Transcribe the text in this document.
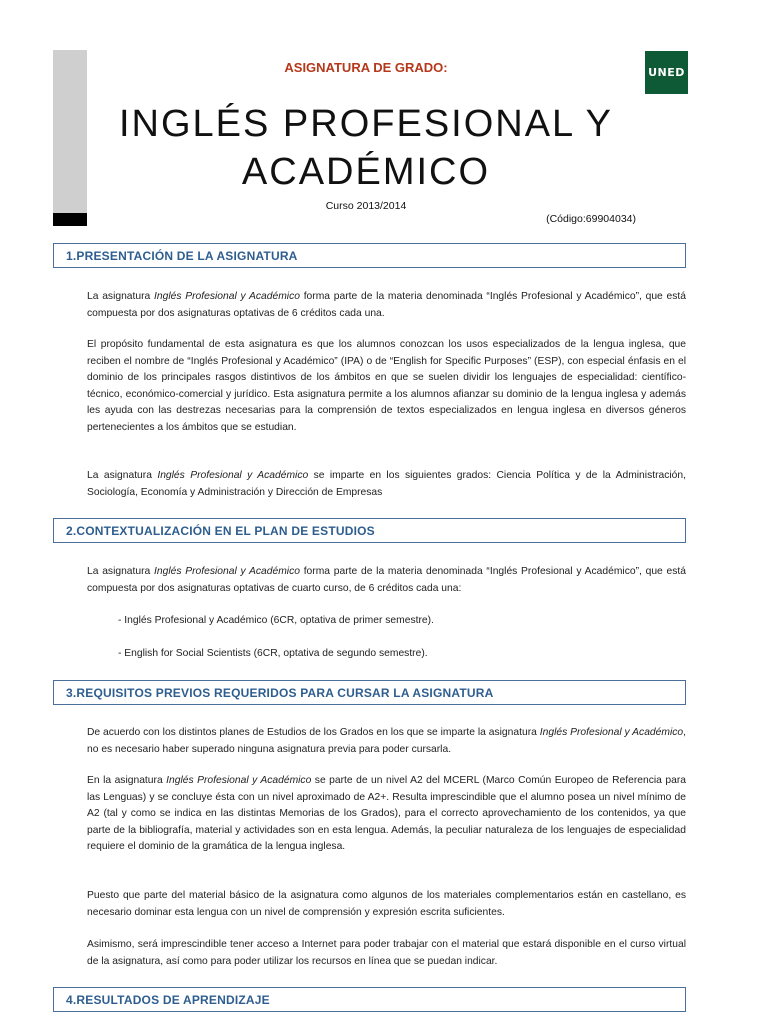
UNED
ASIGNATURA DE GRADO:
INGLÉS PROFESIONAL Y
ACADÉMICO
Curso 2013/2014
(Código:69904034)
1.PRESENTACIÓN DE LA ASIGNATURA
La asignatura Inglés Profesional y Académico forma parte de la materia denominada “Inglés Profesional y Académico”, que está compuesta por dos asignaturas optativas de 6 créditos cada una.
El propósito fundamental de esta asignatura es que los alumnos conozcan los usos especializados de la lengua inglesa, que reciben el nombre de “Inglés Profesional y Académico” (IPA) o de “English for Specific Purposes” (ESP), con especial énfasis en el dominio de los principales rasgos distintivos de los ámbitos en que se suelen dividir los lenguajes de especialidad: científico-técnico, económico-comercial y jurídico. Esta asignatura permite a los alumnos afianzar su dominio de la lengua inglesa y además les ayuda con las destrezas necesarias para la comprensión de textos especializados en lengua inglesa en diversos géneros pertenecientes a los ámbitos que se estudian.
La asignatura Inglés Profesional y Académico se imparte en los siguientes grados: Ciencia Política y de la Administración, Sociología, Economía y Administración y Dirección de Empresas
2.CONTEXTUALIZACIÓN EN EL PLAN DE ESTUDIOS
La asignatura Inglés Profesional y Académico forma parte de la materia denominada “Inglés Profesional y Académico”, que está compuesta por dos asignaturas optativas de cuarto curso, de 6 créditos cada una:
- Inglés Profesional y Académico (6CR, optativa de primer semestre).
- English for Social Scientists (6CR, optativa de segundo semestre).
3.REQUISITOS PREVIOS REQUERIDOS PARA CURSAR LA ASIGNATURA
De acuerdo con los distintos planes de Estudios de los Grados en los que se imparte la asignatura Inglés Profesional y Académico, no es necesario haber superado ninguna asignatura previa para poder cursarla.
En la asignatura Inglés Profesional y Académico se parte de un nivel A2 del MCERL (Marco Común Europeo de Referencia para las Lenguas) y se concluye ésta con un nivel aproximado de A2+. Resulta imprescindible que el alumno posea un nivel mínimo de A2 (tal y como se indica en las distintas Memorias de los Grados), para el correcto aprovechamiento de los contenidos, ya que parte de la bibliografía, material y actividades son en esta lengua. Además, la peculiar naturaleza de los lenguajes de especialidad requiere el dominio de la gramática de la lengua inglesa.
Puesto que parte del material básico de la asignatura como algunos de los materiales complementarios están en castellano, es necesario dominar esta lengua con un nivel de comprensión y expresión escrita suficientes.
Asimismo, será imprescindible tener acceso a Internet para poder trabajar con el material que estará disponible en el curso virtual de la asignatura, así como para poder utilizar los recursos en línea que se puedan indicar.
4.RESULTADOS DE APRENDIZAJE
